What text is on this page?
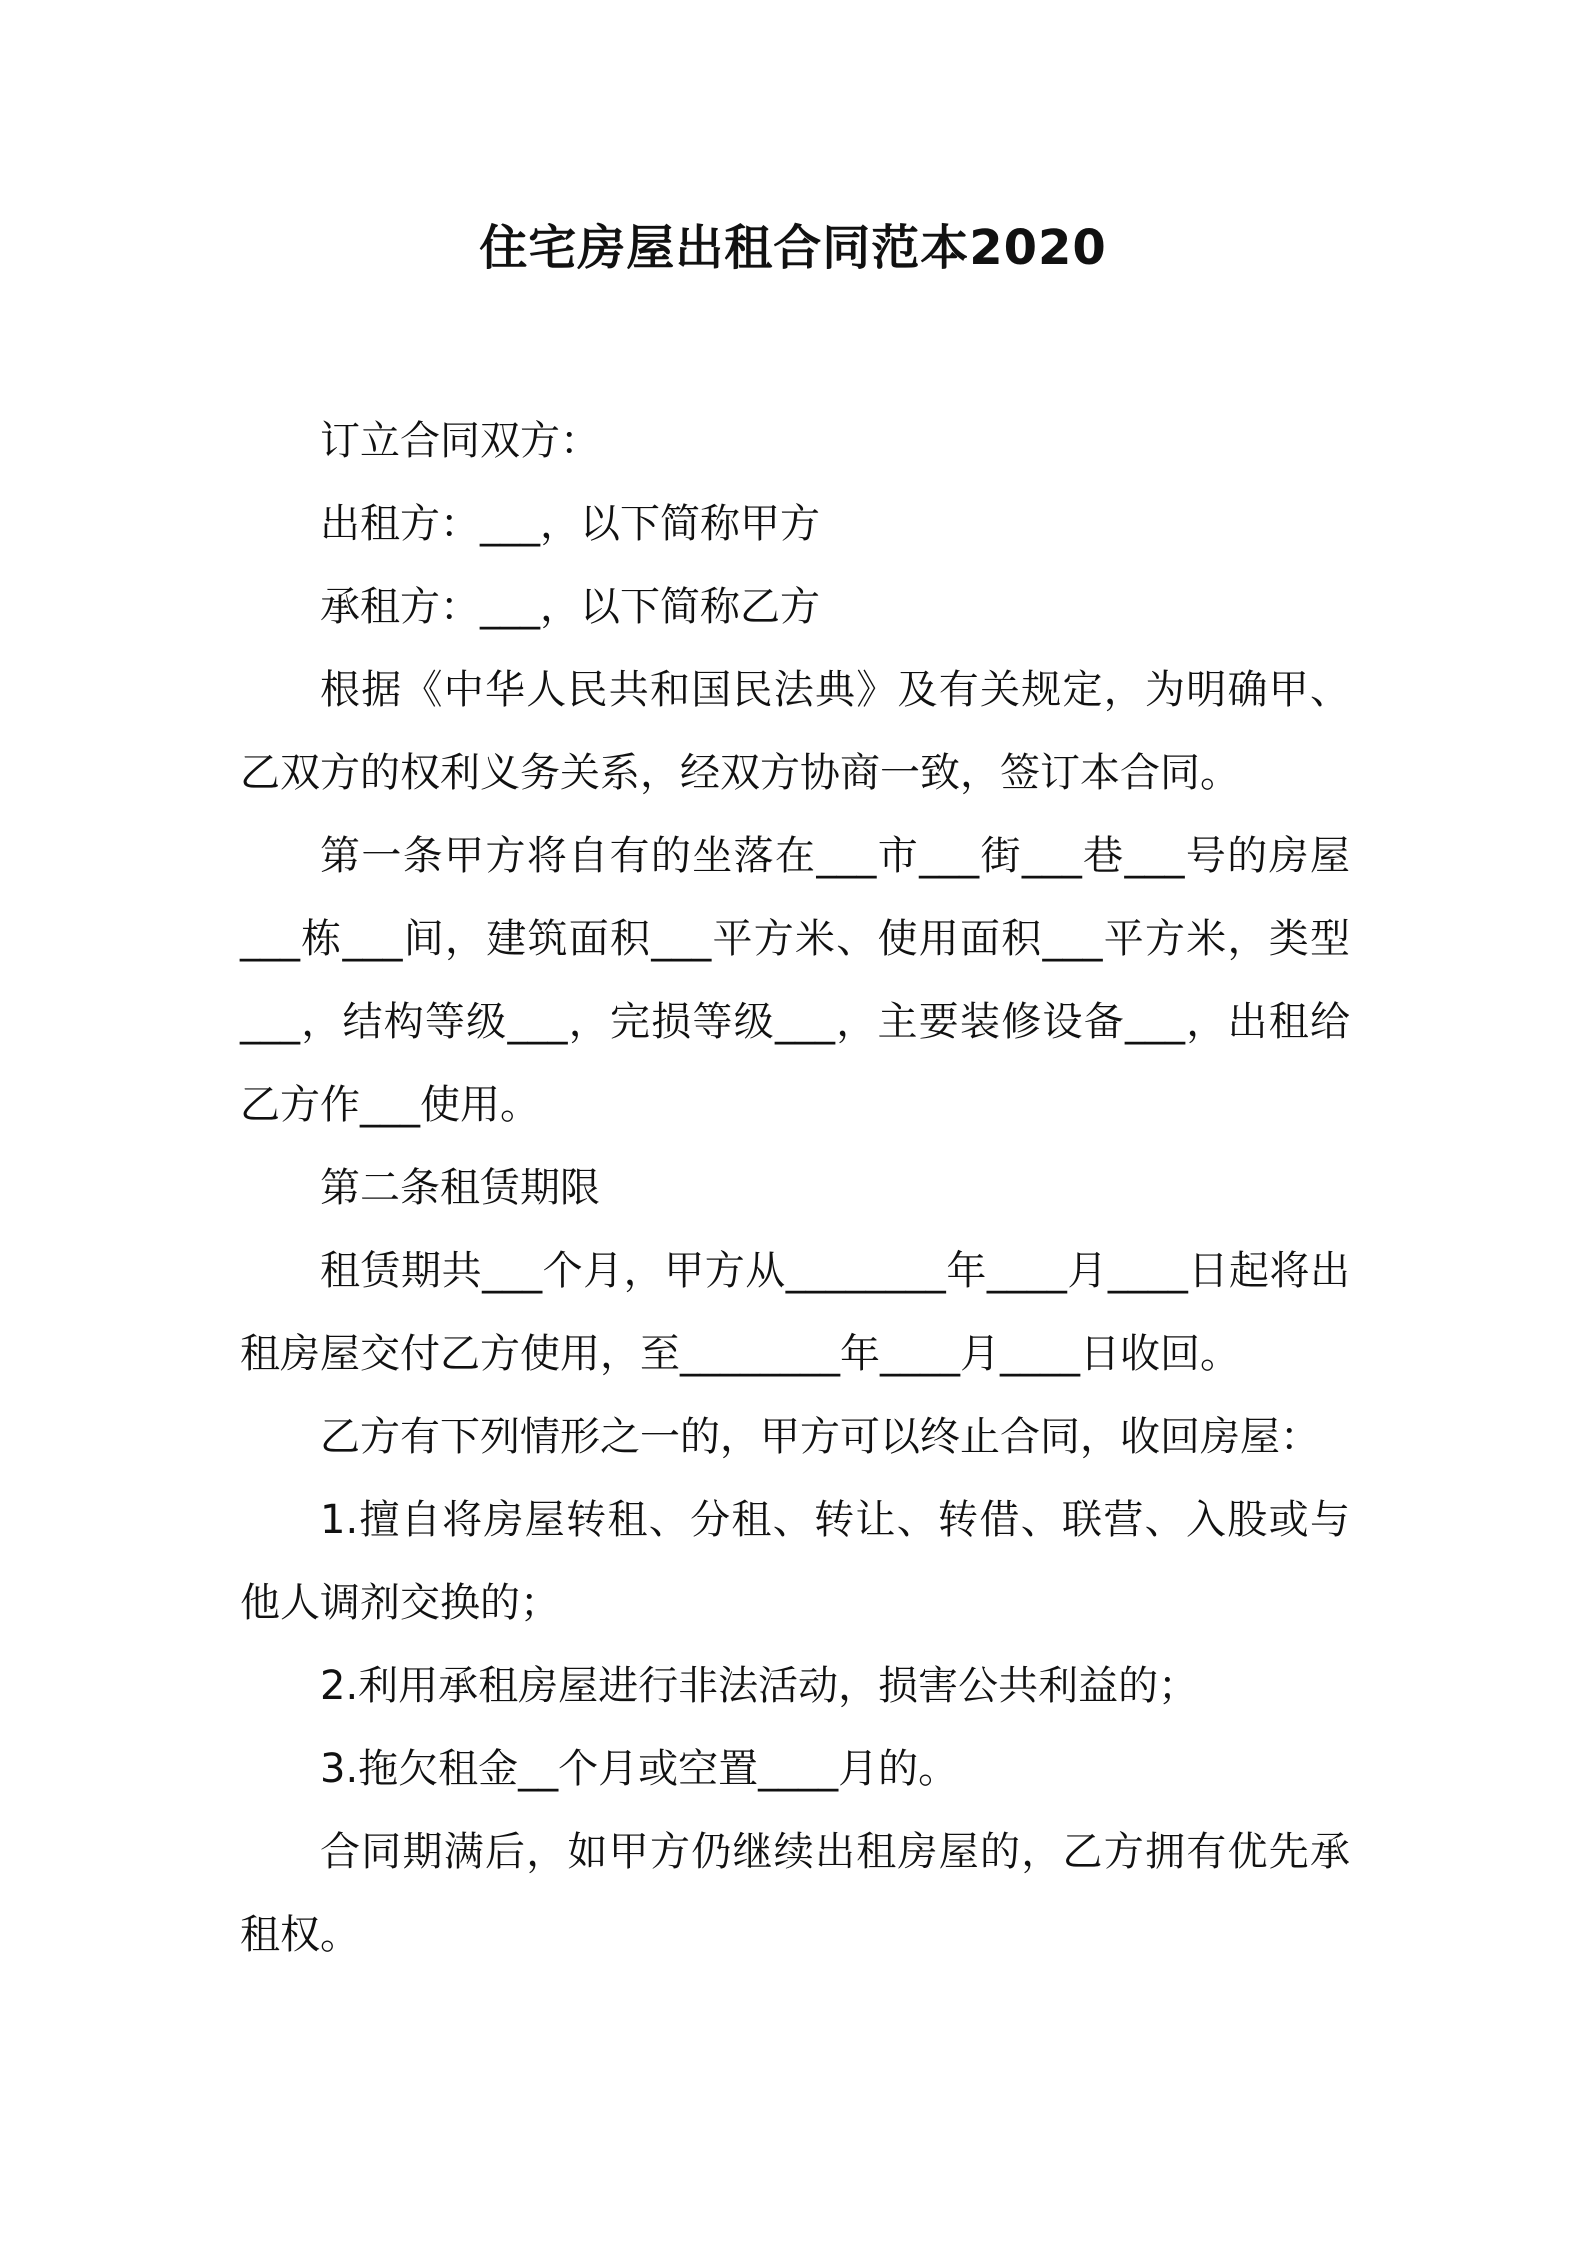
住宅房屋出租合同范本2020

订立合同双方：

出租方：___，以下简称甲方

承租方：___，以下简称乙方

根据《中华人民共和国民法典》及有关规定，为明确甲、乙双方的权利义务关系，经双方协商一致，签订本合同。

第一条甲方将自有的坐落在___市___街___巷___号的房屋___栋___间，建筑面积___平方米、使用面积___平方米，类型___，结构等级___，完损等级___，主要装修设备___，出租给乙方作___使用。

第二条租赁期限

租赁期共___个月，甲方从________年____月____日起将出租房屋交付乙方使用，至________年____月____日收回。

乙方有下列情形之一的，甲方可以终止合同，收回房屋：

1.擅自将房屋转租、分租、转让、转借、联营、入股或与他人调剂交换的；

2.利用承租房屋进行非法活动，损害公共利益的；

3.拖欠租金__个月或空置____月的。

合同期满后，如甲方仍继续出租房屋的，乙方拥有优先承租权。
